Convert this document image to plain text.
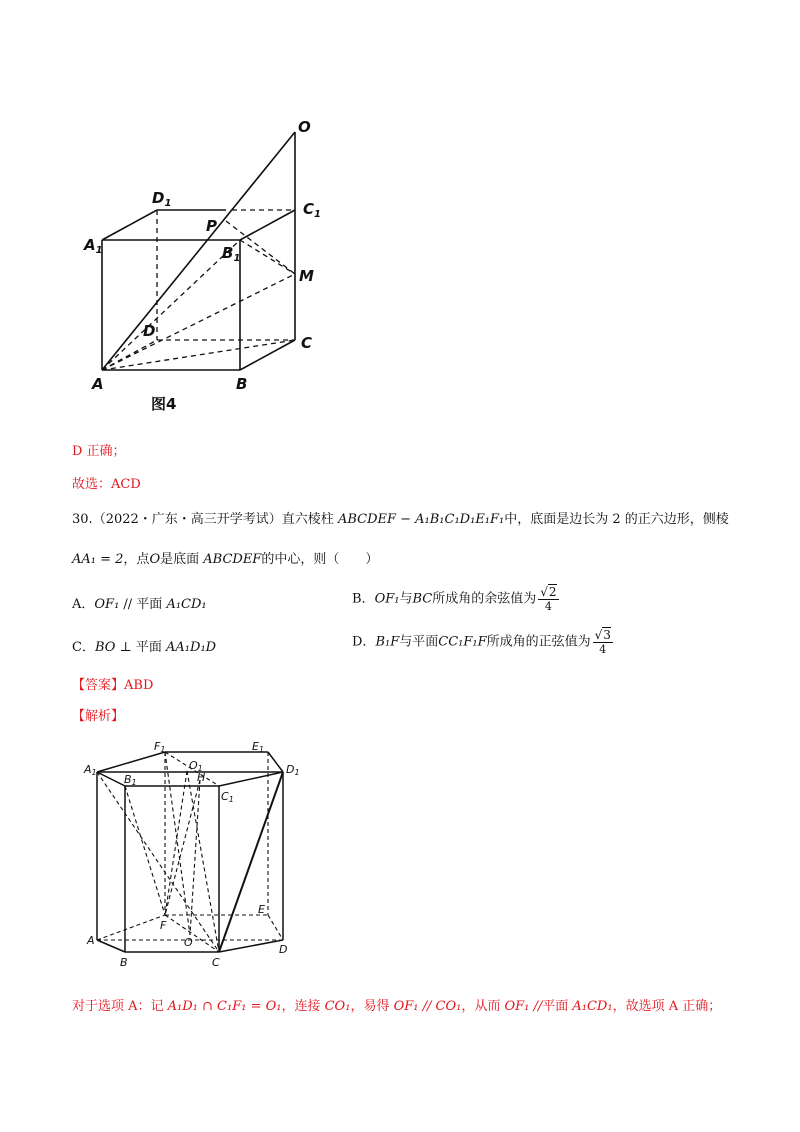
O
$D_1$	$C_1$
$A_1$
P
$B_1$
M
D
C
A	B
图4
D 正确；
故选：ACD
30.（2022・广东・高三开学考试）直六棱柱 ABCDEF − A₁B₁C₁D₁E₁F₁中，底面是边长为 2 的正六边形，侧棱
AA₁ = 2，点O是底面 ABCDEF的中心，则（　　）
A．OF₁ // 平面 A₁CD₁	B．OF₁与BC所成角的余弦值为 $\frac{√2}{4}$
C．BO ⊥ 平面 AA₁D₁D	D．B₁F与平面CC₁F₁F所成角的正弦值为 $\frac{√3}{4}$
【答案】ABD
【解析】
F1	E1
A1
O1	D1
B1	H
C1
F
E
A	O
D
B	C
对于选项 A：记 A₁D₁ ∩ C₁F₁ = O₁，连接 CO₁，易得 OF₁ // CO₁，从而 OF₁ //平面 A₁CD₁，故选项 A 正确；
